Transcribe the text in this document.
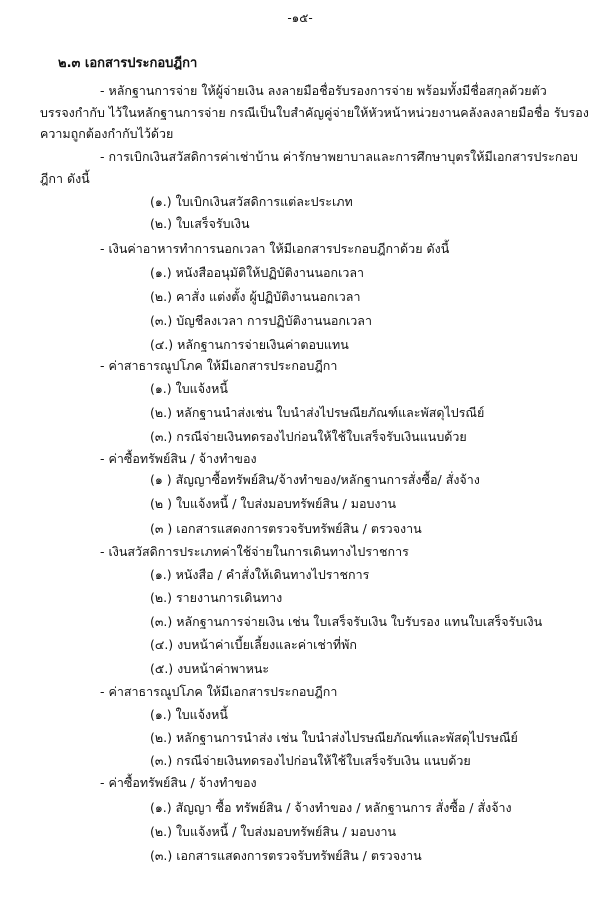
-๑๕-
๒.๓ เอกสารประกอบฎีกา
- หลักฐานการจ่าย ให้ผู้จ่ายเงิน ลงลายมือชื่อรับรองการจ่าย พร้อมทั้งมีชื่อสกุลด้วยตัว
บรรจงกำกับ ไว้ในหลักฐานการจ่าย กรณีเป็นใบสำคัญคู่จ่ายให้หัวหน้าหน่วยงานคลังลงลายมือชื่อ รับรอง
ความถูกต้องกำกับไว้ด้วย
- การเบิกเงินสวัสดิการค่าเช่าบ้าน ค่ารักษาพยาบาลและการศึกษาบุตรให้มีเอกสารประกอบ
ฎีกา ดังนี้
(๑.) ใบเบิกเงินสวัสดิการแต่ละประเภท
(๒.) ใบเสร็จรับเงิน
- เงินค่าอาหารทำการนอกเวลา ให้มีเอกสารประกอบฎีกาด้วย ดังนี้
(๑.) หนังสืออนุมัติให้ปฏิบัติงานนอกเวลา
(๒.) คาสั่ง แต่งตั้ง ผู้ปฏิบัติงานนอกเวลา
(๓.) บัญชีลงเวลา การปฏิบัติงานนอกเวลา
(๔.) หลักฐานการจ่ายเงินค่าตอบแทน
- ค่าสาธารณูปโภค ให้มีเอกสารประกอบฎีกา
(๑.) ใบแจ้งหนี้
(๒.) หลักฐานนำส่งเช่น ใบนำส่งไปรษณียภัณฑ์และพัสดุไปรณีย์
(๓.) กรณีจ่ายเงินทดรองไปก่อนให้ใช้ใบเสร็จรับเงินแนบด้วย
- ค่าซื้อทรัพย์สิน / จ้างทำของ
(๑ ) สัญญาซื้อทรัพย์สิน/จ้างทำของ/หลักฐานการสั่งซื้อ/ สั่งจ้าง
(๒ ) ใบแจ้งหนี้ / ใบส่งมอบทรัพย์สิน / มอบงาน
(๓ ) เอกสารแสดงการตรวจรับทรัพย์สิน / ตรวจงาน
- เงินสวัสดิการประเภทค่าใช้จ่ายในการเดินทางไปราชการ
(๑.) หนังสือ / คำสั่งให้เดินทางไปราชการ
(๒.) รายงานการเดินทาง
(๓.) หลักฐานการจ่ายเงิน เช่น ใบเสร็จรับเงิน ใบรับรอง แทนใบเสร็จรับเงิน
(๔.) งบหน้าค่าเบี้ยเลี้ยงและค่าเช่าที่พัก
(๕.) งบหน้าค่าพาหนะ
- ค่าสาธารณูปโภค ให้มีเอกสารประกอบฎีกา
(๑.) ใบแจ้งหนี้
(๒.) หลักฐานการนำส่ง เช่น ใบนำส่งไปรษณียภัณฑ์และพัสดุไปรษณีย์
(๓.) กรณีจ่ายเงินทดรองไปก่อนให้ใช้ใบเสร็จรับเงิน แนบด้วย
- ค่าซื้อทรัพย์สิน / จ้างทำของ
(๑.) สัญญา ซื้อ ทรัพย์สิน / จ้างทำของ / หลักฐานการ สั่งซื้อ / สั่งจ้าง
(๒.) ใบแจ้งหนี้ / ใบส่งมอบทรัพย์สิน / มอบงาน
(๓.) เอกสารแสดงการตรวจรับทรัพย์สิน / ตรวจงาน
